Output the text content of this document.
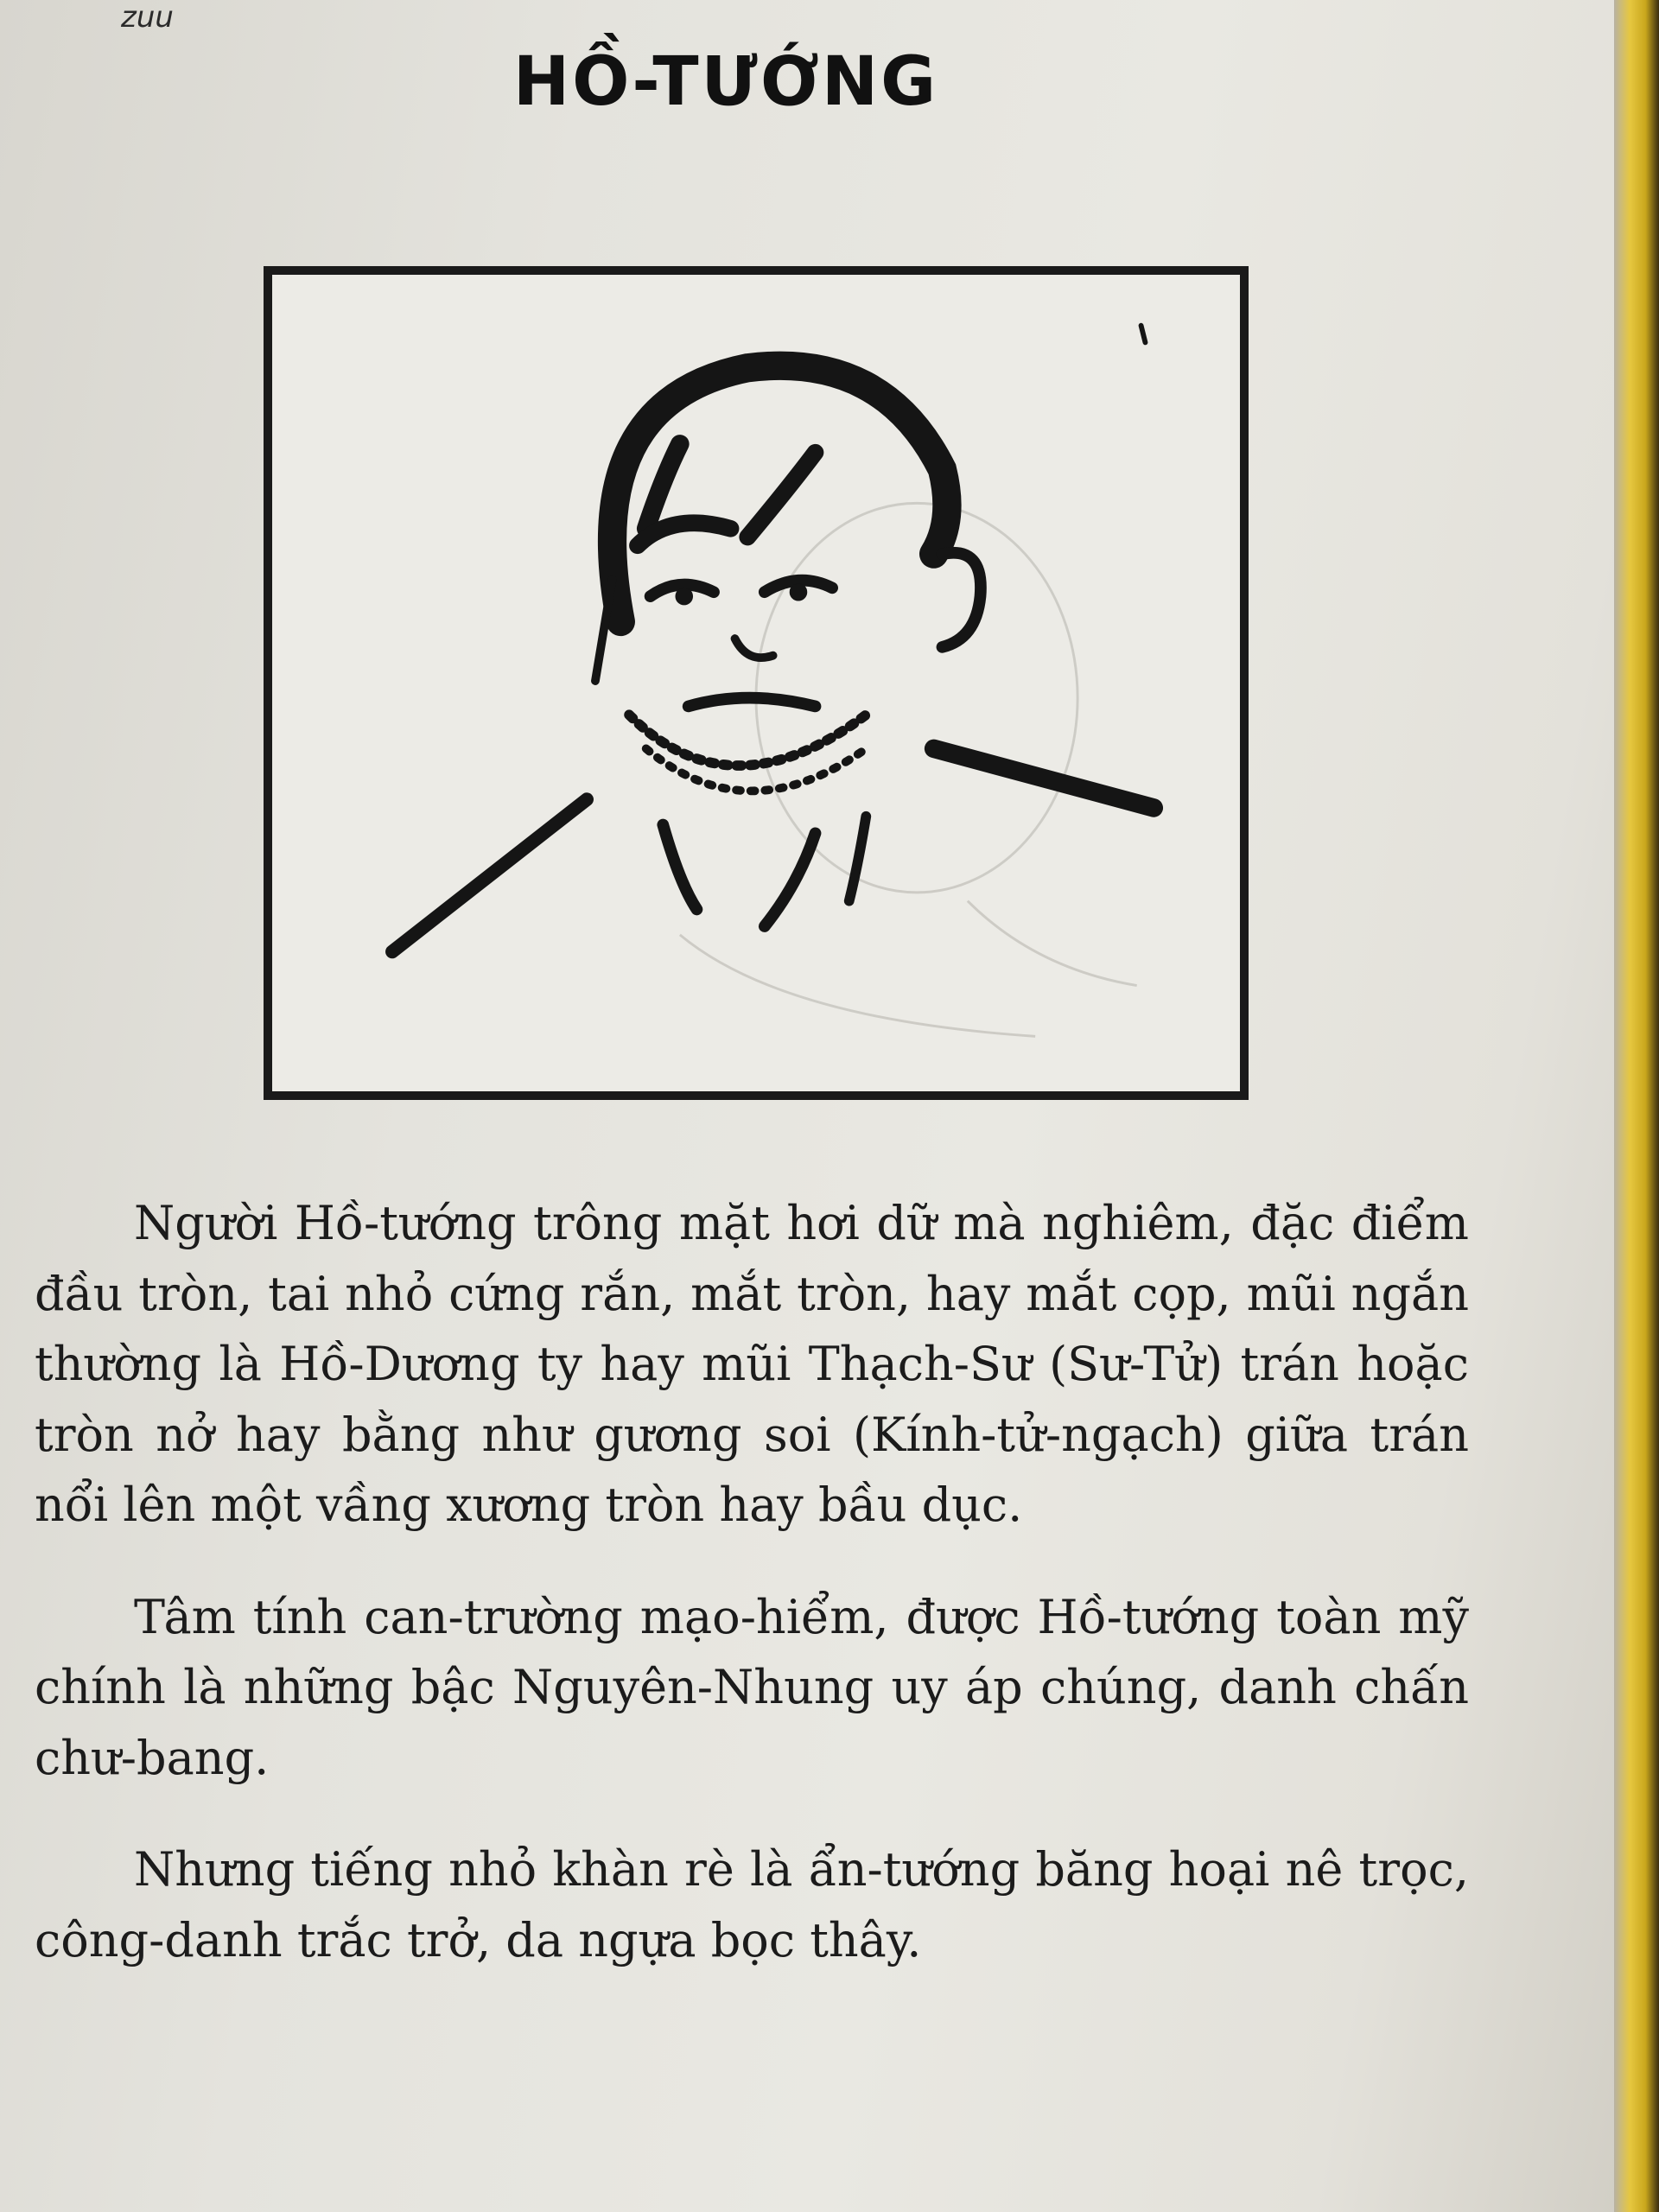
zuu
HỒ-TƯỚNG

Người Hồ-tướng trông mặt hơi dữ mà nghiêm, đặc điểm đầu tròn, tai nhỏ cứng rắn, mắt tròn, hay mắt cọp, mũi ngắn thường là Hồ-Dương ty hay mũi Thạch-Sư (Sư-Tử) trán hoặc tròn nở hay bằng như gương soi (Kính-tử-ngạch) giữa trán nổi lên một vầng xương tròn hay bầu dục.

Tâm tính can-trường mạo-hiểm, được Hồ-tướng toàn mỹ chính là những bậc Nguyên-Nhung uy áp chúng, danh chấn chư-bang.

Nhưng tiếng nhỏ khàn rè là ẩn-tướng băng hoại nê trọc, công-danh trắc trở, da ngựa bọc thây.
